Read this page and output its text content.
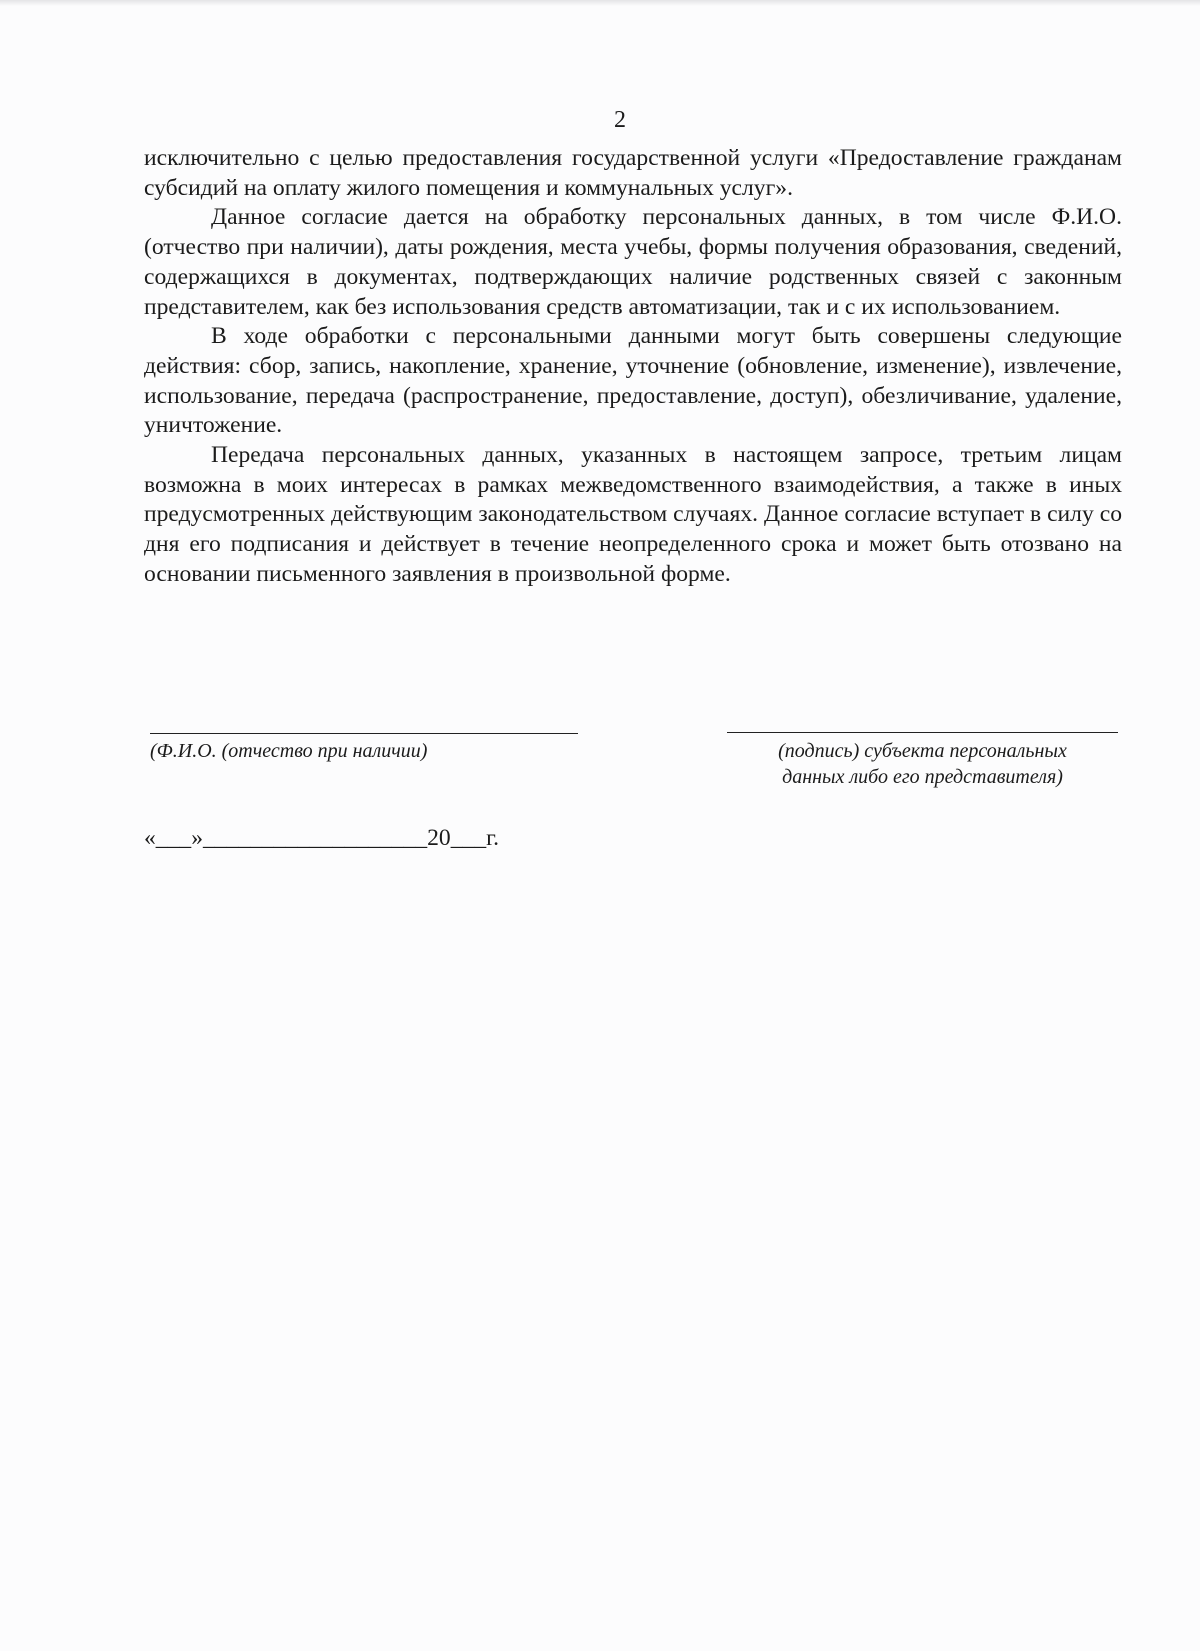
2

исключительно с целью предоставления государственной услуги «Предоставление гражданам субсидий на оплату жилого помещения и коммунальных услуг».

Данное согласие дается на обработку персональных данных, в том числе Ф.И.О. (отчество при наличии), даты рождения, места учебы, формы получения образования, сведений, содержащихся в документах, подтверждающих наличие родственных связей с законным представителем, как без использования средств автоматизации, так и с их использованием.

В ходе обработки с персональными данными могут быть совершены следующие действия: сбор, запись, накопление, хранение, уточнение (обновление, изменение), извлечение, использование, передача (распространение, предоставление, доступ), обезличивание, удаление, уничтожение.

Передача персональных данных, указанных в настоящем запросе, третьим лицам возможна в моих интересах в рамках межведомственного взаимодействия, а также в иных предусмотренных действующим законодательством случаях. Данное согласие вступает в силу со дня его подписания и действует в течение неопределенного срока и может быть отозвано на основании письменного заявления в произвольной форме.

(Ф.И.О. (отчество при наличии)	(подпись) субъекта персональных
данных либо его представителя)
«___»___________________20___г.
